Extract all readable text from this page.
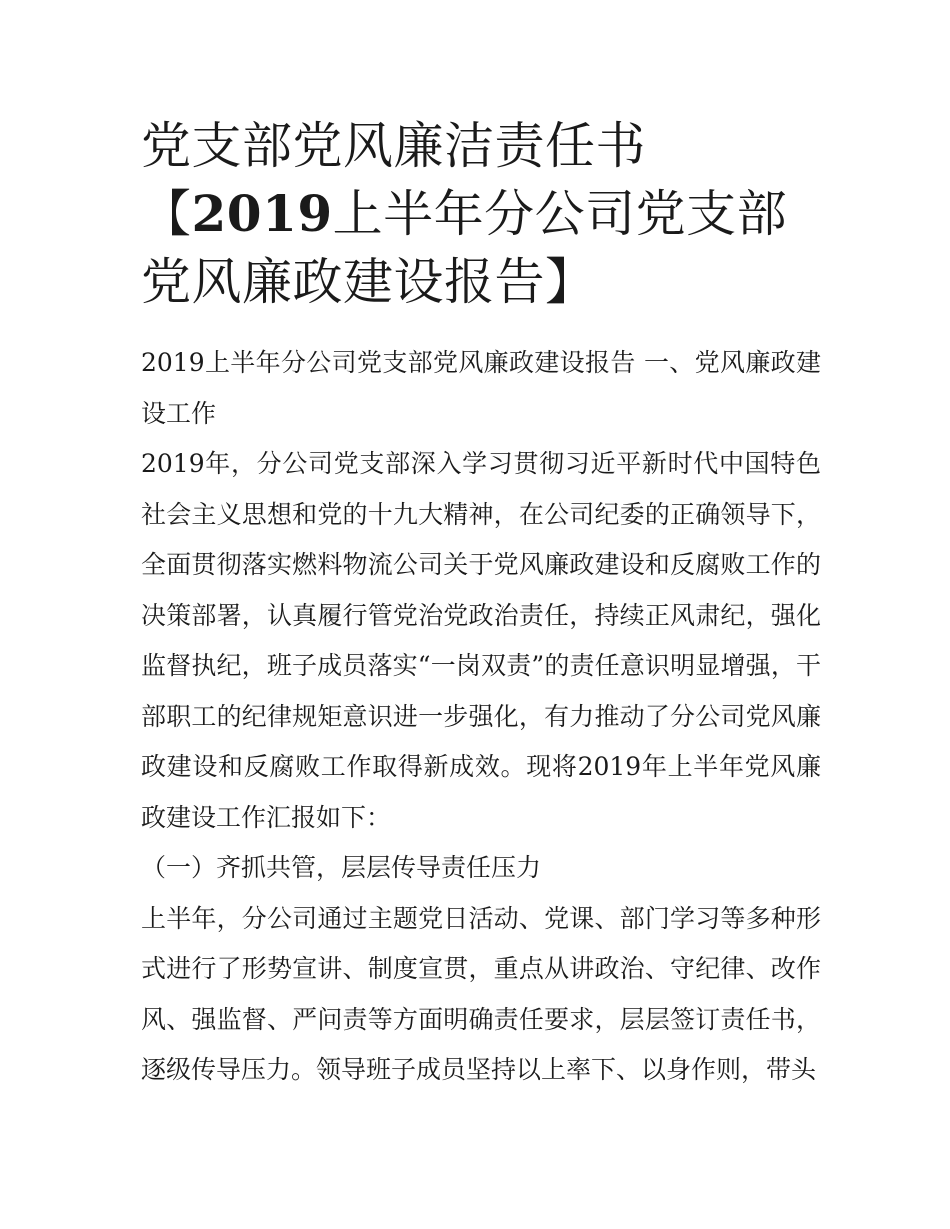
党支部党风廉洁责任书【2019上半年分公司党支部党风廉政建设报告】

2019上半年分公司党支部党风廉政建设报告 一、党风廉政建设工作

2019年，分公司党支部深入学习贯彻习近平新时代中国特色社会主义思想和党的十九大精神，在公司纪委的正确领导下，全面贯彻落实燃料物流公司关于党风廉政建设和反腐败工作的决策部署，认真履行管党治党政治责任，持续正风肃纪，强化监督执纪，班子成员落实“一岗双责”的责任意识明显增强，干部职工的纪律规矩意识进一步强化，有力推动了分公司党风廉政建设和反腐败工作取得新成效。现将2019年上半年党风廉政建设工作汇报如下：

（一）齐抓共管，层层传导责任压力

上半年，分公司通过主题党日活动、党课、部门学习等多种形式进行了形势宣讲、制度宣贯，重点从讲政治、守纪律、改作风、强监督、严问责等方面明确责任要求，层层签订责任书，逐级传导压力。领导班子成员坚持以上率下、以身作则，带头
